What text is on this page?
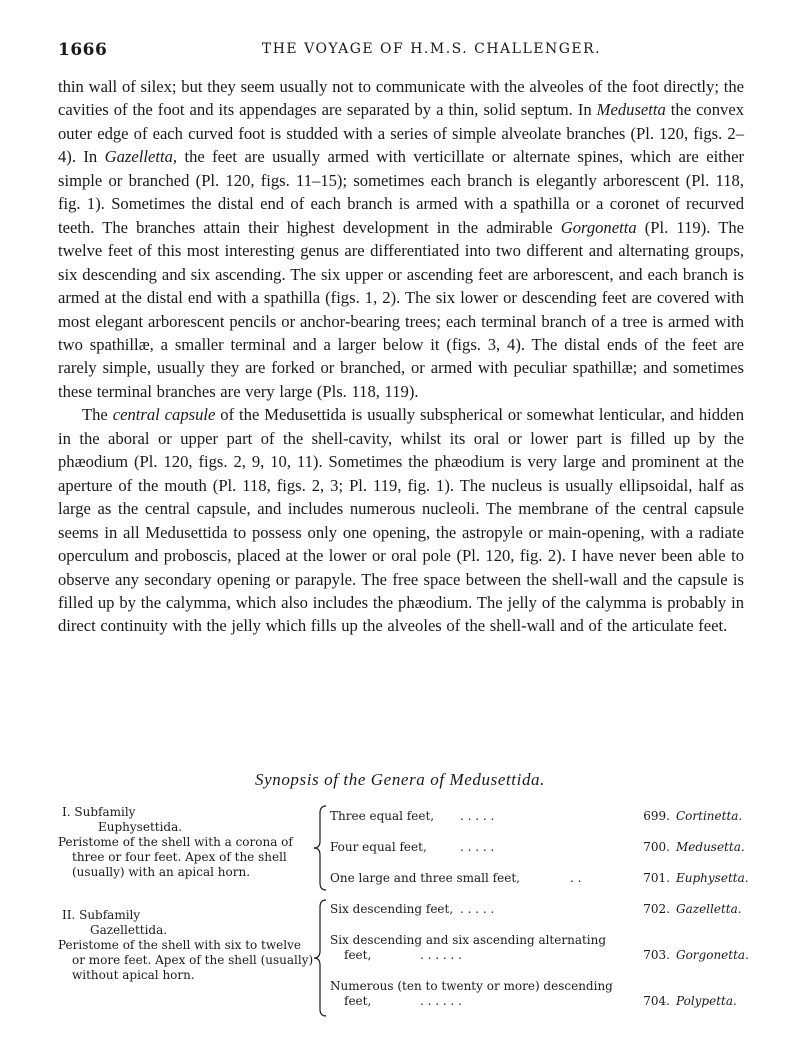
1666	THE VOYAGE OF H.M.S. CHALLENGER.

thin wall of silex; but they seem usually not to communicate with the alveoles of the foot directly; the cavities of the foot and its appendages are separated by a thin, solid septum. In Medusetta the convex outer edge of each curved foot is studded with a series of simple alveolate branches (Pl. 120, figs. 2–4). In Gazelletta, the feet are usually armed with verticillate or alternate spines, which are either simple or branched (Pl. 120, figs. 11–15); sometimes each branch is elegantly arborescent (Pl. 118, fig. 1). Sometimes the distal end of each branch is armed with a spathilla or a coronet of recurved teeth. The branches attain their highest development in the admirable Gorgonetta (Pl. 119). The twelve feet of this most interesting genus are differentiated into two different and alternating groups, six descending and six ascending. The six upper or ascending feet are arborescent, and each branch is armed at the distal end with a spathilla (figs. 1, 2). The six lower or descending feet are covered with most elegant arborescent pencils or anchor-bearing trees; each terminal branch of a tree is armed with two spathillæ, a smaller terminal and a larger below it (figs. 3, 4). The distal ends of the feet are rarely simple, usually they are forked or branched, or armed with peculiar spathillæ; and sometimes these terminal branches are very large (Pls. 118, 119).

The central capsule of the Medusettida is usually subspherical or somewhat lenticular, and hidden in the aboral or upper part of the shell-cavity, whilst its oral or lower part is filled up by the phæodium (Pl. 120, figs. 2, 9, 10, 11). Sometimes the phæodium is very large and prominent at the aperture of the mouth (Pl. 118, figs. 2, 3; Pl. 119, fig. 1). The nucleus is usually ellipsoidal, half as large as the central capsule, and includes numerous nucleoli. The membrane of the central capsule seems in all Medusettida to possess only one opening, the astropyle or main-opening, with a radiate operculum and proboscis, placed at the lower or oral pole (Pl. 120, fig. 2). I have never been able to observe any secondary opening or parapyle. The free space between the shell-wall and the capsule is filled up by the calymma, which also includes the phæodium. The jelly of the calymma is probably in direct continuity with the jelly which fills up the alveoles of the shell-wall and of the articulate feet.

Synopsis of the Genera of Medusettida.
I. Subfamily
Euphysettida.
Peristome of the shell with a corona of
three or four feet. Apex of the shell
(usually) with an apical horn.
Three equal feet,	. . . . .	699. Cortinetta.
Four equal feet,	. . . . .	700. Medusetta.
One large and three small feet,	. .	701. Euphysetta.
II. Subfamily
Gazellettida.
Peristome of the shell with six to twelve
or more feet. Apex of the shell (usually)
without apical horn.
Six descending feet, . . . . .	702. Gazelletta.
Six descending and six ascending alternating
feet,	. . . . . .	703. Gorgonetta.
Numerous (ten to twenty or more) descending
feet,	. . . . . .	704. Polypetta.
